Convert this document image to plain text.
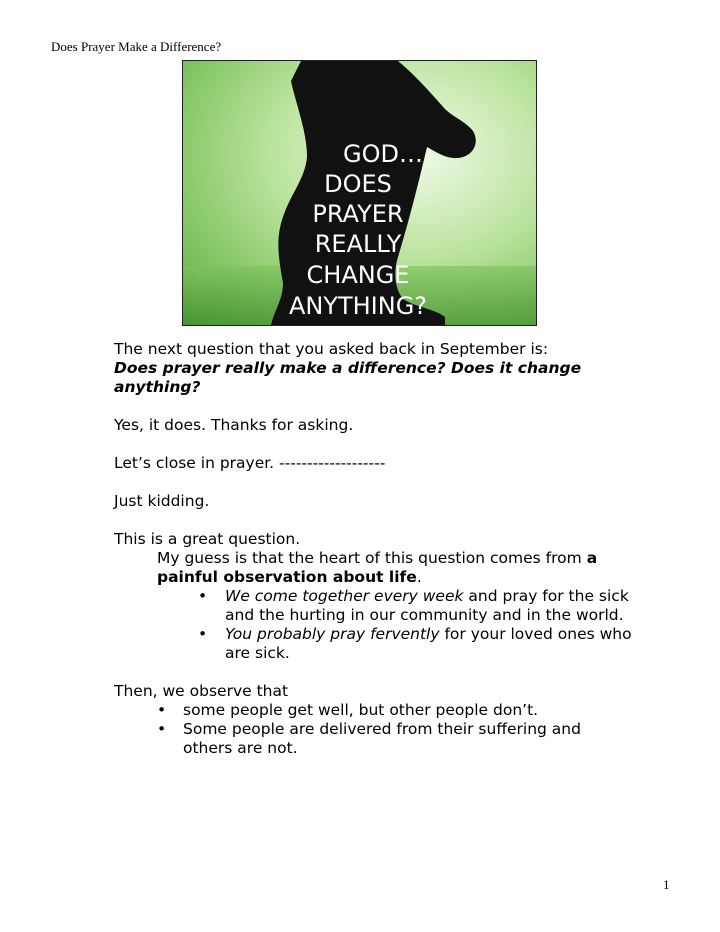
Does Prayer Make a Difference?
GOD…
DOES
PRAYER
REALLY
CHANGE
ANYTHING?
The next question that you asked back in September is:
Does prayer really make a difference? Does it change anything?
Yes, it does. Thanks for asking.
Let’s close in prayer. -------------------
Just kidding.
This is a great question.
My guess is that the heart of this question comes from a painful observation about life.
• We come together every week and pray for the sick and the hurting in our community and in the world.
• You probably pray fervently for your loved ones who are sick.
Then, we observe that
• some people get well, but other people don’t.
• Some people are delivered from their suffering and others are not.
1
